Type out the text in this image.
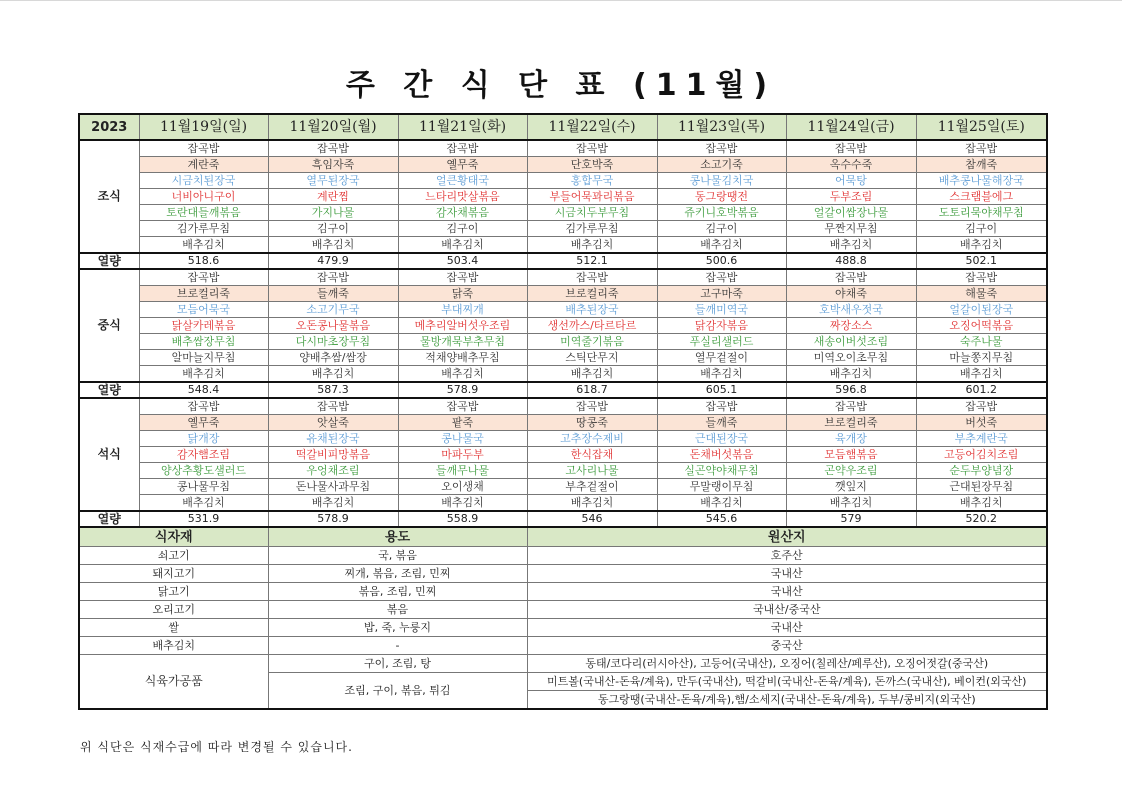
주 간 식 단 표 (11월)
2023	11월19일(일)	11월20일(월)	11월21일(화)	11월22일(수)	11월23일(목)	11월24일(금)	11월25일(토)
조식	잡곡밥	잡곡밥	잡곡밥	잡곡밥	잡곡밥	잡곡밥	잡곡밥
	계란죽	흑임자죽	옐무죽	단호박죽	소고기죽	옥수수죽	참깨죽
	시금치된장국	열무된장국	얼큰황태국	홍합무국	콩나물김치국	어묵탕	배추콩나물해장국
	너비아니구이	계란찜	느타리맛살볶음	부들어묵꽈리볶음	동그랑땡전	두부조림	스크램블에그
	토란대들깨볶음	가지나물	감자채볶음	시금치두부무침	쥬키니호박볶음	얼갈이쌈장나물	도토리묵야채무침
	김가루무침	김구이	김구이	김가루무침	김구이	무짠지무침	김구이
	배추김치	배추김치	배추김치	배추김치	배추김치	배추김치	배추김치
열량	518.6	479.9	503.4	512.1	500.6	488.8	502.1
중식	잡곡밥	잡곡밥	잡곡밥	잡곡밥	잡곡밥	잡곡밥	잡곡밥
	브로컬리죽	들깨죽	닭죽	브로컬리죽	고구마죽	야채죽	해물죽
	모듬어묵국	소고기무국	부대찌개	배추된장국	들깨미역국	호박새우젓국	얼갈이된장국
	닭살카레볶음	오돈콩나물볶음	메추리알버섯우조림	생선까스/타르타르	닭감자볶음	짜장소스	오징어떡볶음
	배추쌈장무침	다시마초장무침	물방개묵부추무침	미역줄기볶음	푸실리샐러드	새송이버섯조림	숙주나물
	알마늘지무침	양배추쌈/쌈장	적채양배추무침	스틱단무지	열무겉절이	미역오이초무침	마늘쫑지무침
	배추김치	배추김치	배추김치	배추김치	배추김치	배추김치	배추김치
열량	548.4	587.3	578.9	618.7	605.1	596.8	601.2
석식	잡곡밥	잡곡밥	잡곡밥	잡곡밥	잡곡밥	잡곡밥	잡곡밥
	옐무죽	앗살죽	팥죽	땅콩죽	들깨죽	브로컬리죽	버섯죽
	닭개장	유채된장국	콩나물국	고추장수제비	근대된장국	육개장	부추계란국
	감자햄조림	떡갈비피망볶음	마파두부	한식잡채	돈채버섯볶음	모듬햄볶음	고등어김치조림
	양상추황도샐러드	우엉채조림	들깨무나물	고사리나물	실곤약야채무침	곤약우조림	순두부양념장
	콩나물무침	돈나물사과무침	오이생채	부추겉절이	무말랭이무침	깻잎지	근대된장무침
	배추김치	배추김치	배추김치	배추김치	배추김치	배추김치	배추김치
열량	531.9	578.9	558.9	546	545.6	579	520.2
식자재		용도		원산지			
쇠고기		국, 볶음		호주산			
돼지고기		찌개, 볶음, 조림, 민찌		국내산			
닭고기		볶음, 조림, 민찌		국내산			
오리고기		볶음		국내산/중국산			
쌀		밥, 죽, 누룽지		국내산			
배추김치		-		중국산			
식육가공품		구이, 조림, 탕		동태/코다리(러시아산), 고등어(국내산), 오징어(칠레산/페루산), 오징어젓갈(중국산)			
		조림, 구이, 볶음, 튀김		미트볼(국내산-돈육/계육), 만두(국내산), 떡갈비(국내산-돈육/계육), 돈까스(국내산), 베이컨(외국산)			
				동그랑땡(국내산-돈육/계육),햄/소세지(국내산-돈육/계육), 두부/콩비지(외국산)			
위 식단은 식재수급에 따라 변경될 수 있습니다.
